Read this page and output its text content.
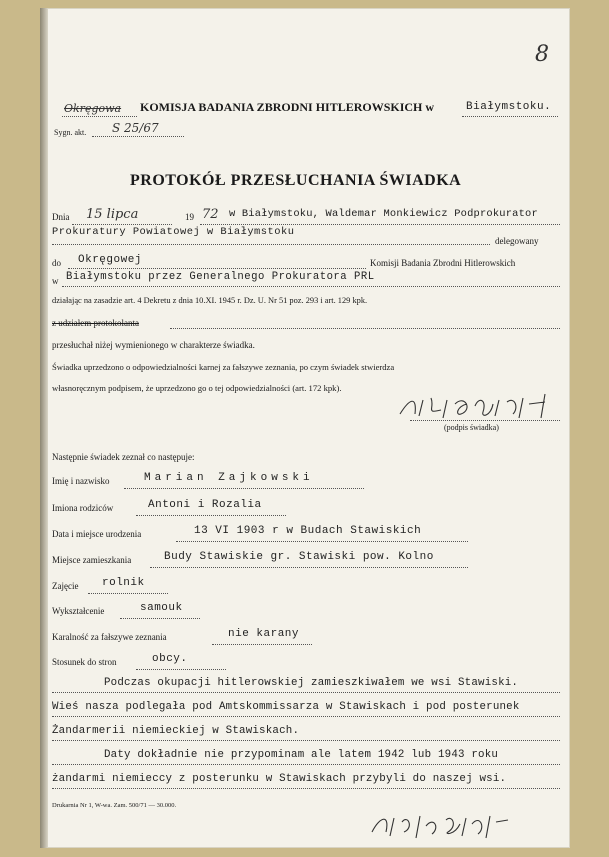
8
Okręgowa KOMISJA BADANIA ZBRODNI HITLEROWSKICH w	Białymstoku.
Sygn. akt. S 25/67
PROTOKÓŁ PRZESŁUCHANIA ŚWIADKA
Dnia 15 lipca	19 72 w Białymstoku, Waldemar Monkiewicz Podprokurator
Prokuratury Powiatowej w Białymstoku
delegowany
do Okręgowej	Komisji Badania Zbrodni Hitlerowskich
w Białymstoku przez Generalnego Prokuratora PRL
działając na zasadzie art. 4 Dekretu z dnia 10.XI. 1945 r. Dz. U. Nr 51 poz. 293 i art. 129 kpk.
z udziałem protokolanta
przesłuchał niżej wymienionego w charakterze świadka.
Świadka uprzedzono o odpowiedzialności karnej za fałszywe zeznania, po czym świadek stwierdza
własnoręcznym podpisem, że uprzedzono go o tej odpowiedzialności (art. 172 kpk).
(podpis świadka)
Następnie świadek zeznał co następuje:
Imię i nazwisko	Marian Zajkowski
Imiona rodziców	Antoni i Rozalia
Data i miejsce urodzenia	13 VI 1903 r w Budach Stawiskich
Miejsce zamieszkania	Budy Stawiskie gr. Stawiski pow. Kolno
Zajęcie rolnik
Wykształcenie	samouk
Karalność za fałszywe zeznania	nie karany
Stosunek do stron	obcy.
Podczas okupacji hitlerowskiej zamieszkiwałem we wsi Stawiski.
Wieś nasza podlegała pod Amtskommissarza w Stawiskach i pod posterunek
Żandarmerii niemieckiej w Stawiskach.
Daty dokładnie nie przypominam ale latem 1942 lub 1943 roku
żandarmi niemieccy z posterunku w Stawiskach przybyli do naszej wsi.
Drukarnia Nr 1, W-wa. Zam. 500/71 — 30.000.
